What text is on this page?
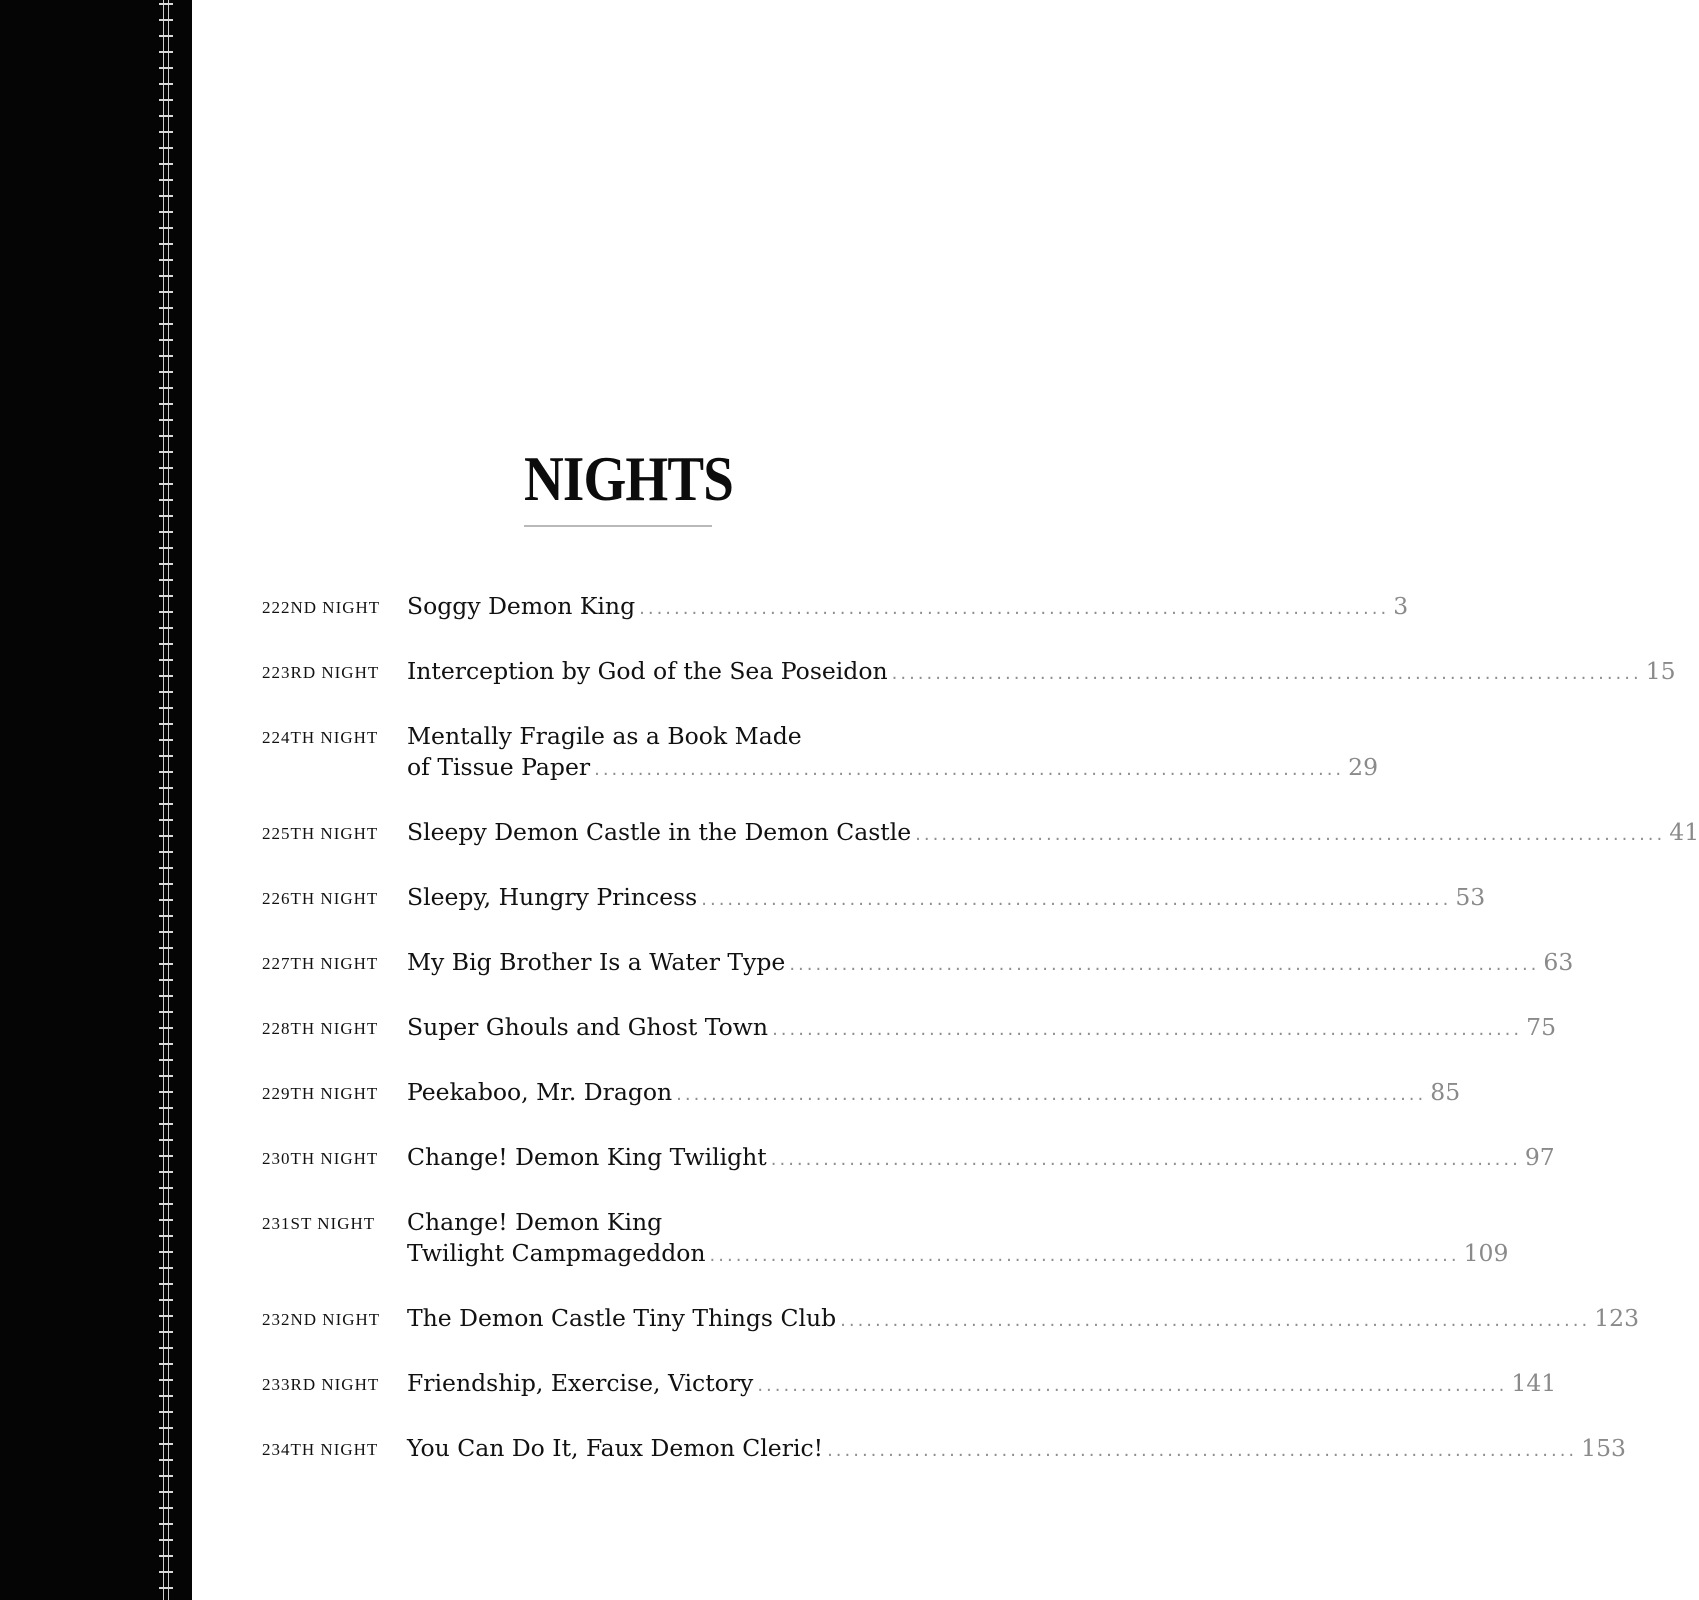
NIGHTS
222ND NIGHT Soggy Demon King ...................................................................................... 3
223RD NIGHT Interception by God of the Sea Poseidon ...................................................................................... 15
224TH NIGHT Mentally Fragile as a Book Made
of Tissue Paper ...................................................................................... 29
225TH NIGHT Sleepy Demon Castle in the Demon Castle ...................................................................................... 41
226TH NIGHT Sleepy, Hungry Princess ...................................................................................... 53
227TH NIGHT My Big Brother Is a Water Type ...................................................................................... 63
228TH NIGHT Super Ghouls and Ghost Town ...................................................................................... 75
229TH NIGHT Peekaboo, Mr. Dragon ...................................................................................... 85
230TH NIGHT Change! Demon King Twilight ...................................................................................... 97
231ST NIGHT Change! Demon King
Twilight Campmageddon ...................................................................................... 109
232ND NIGHT The Demon Castle Tiny Things Club ...................................................................................... 123
233RD NIGHT Friendship, Exercise, Victory ...................................................................................... 141
234TH NIGHT You Can Do It, Faux Demon Cleric! ...................................................................................... 153
